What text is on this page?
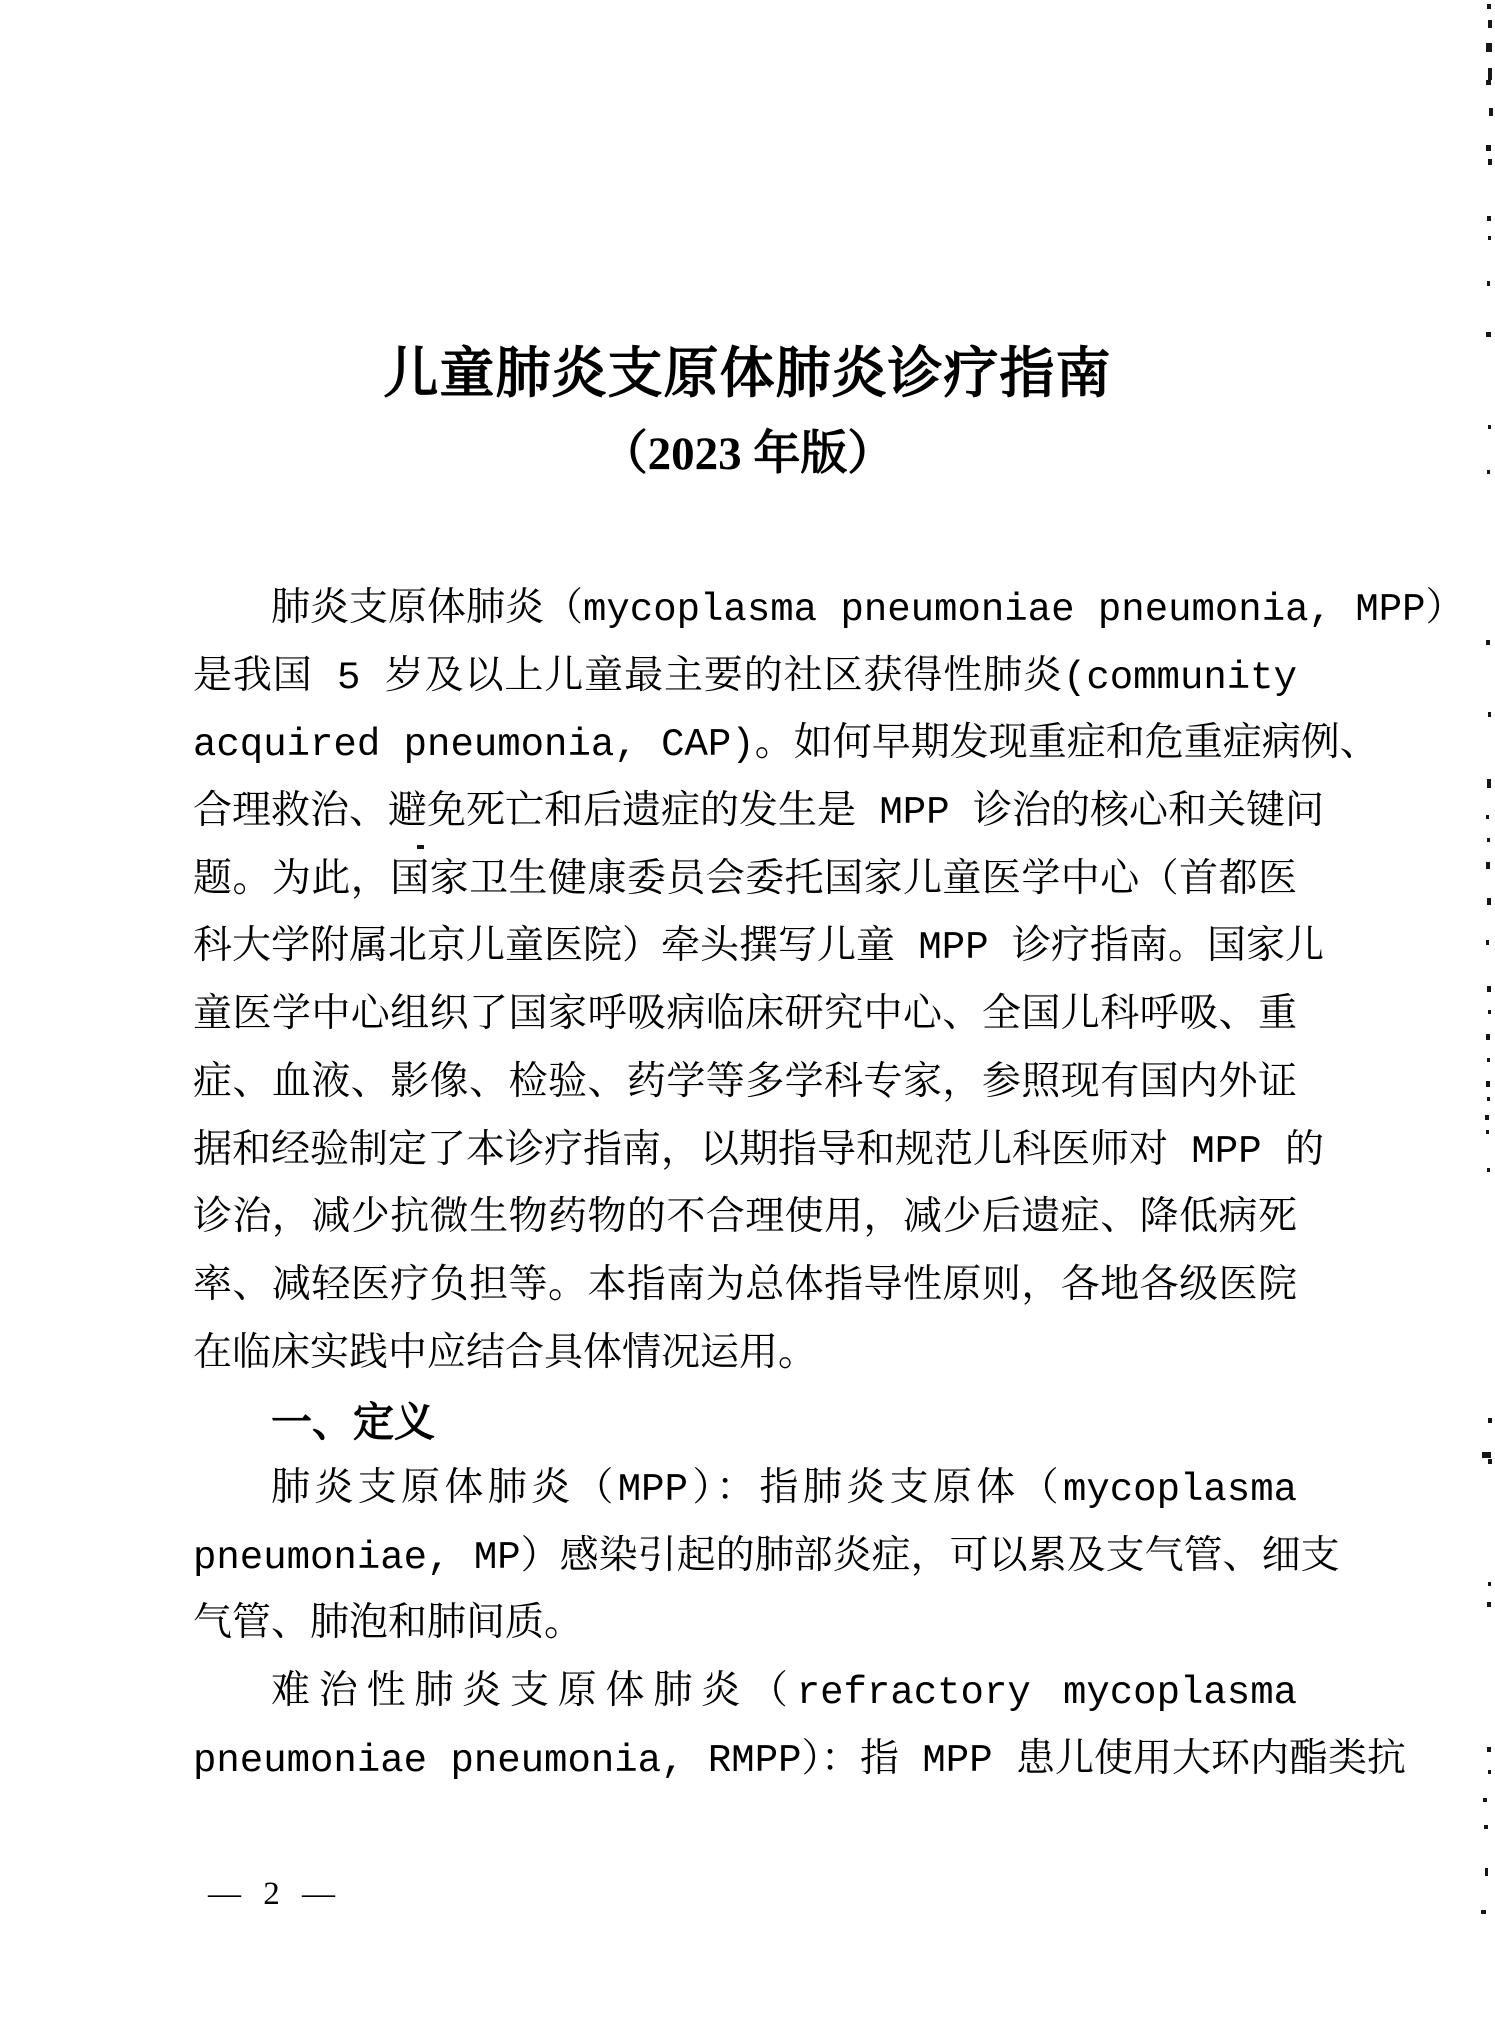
儿童肺炎支原体肺炎诊疗指南
（2023 年版）

肺炎支原体肺炎（mycoplasma pneumoniae pneumonia, MPP）

是我国 5 岁及以上儿童最主要的社区获得性肺炎(community

acquired pneumonia, CAP)。如何早期发现重症和危重症病例、

合理救治、避免死亡和后遗症的发生是 MPP 诊治的核心和关键问

题。为此，国家卫生健康委员会委托国家儿童医学中心（首都医

科大学附属北京儿童医院）牵头撰写儿童 MPP 诊疗指南。国家儿

童医学中心组织了国家呼吸病临床研究中心、全国儿科呼吸、重

症、血液、影像、检验、药学等多学科专家，参照现有国内外证

据和经验制定了本诊疗指南，以期指导和规范儿科医师对 MPP 的

诊治，减少抗微生物药物的不合理使用，减少后遗症、降低病死

率、减轻医疗负担等。本指南为总体指导性原则，各地各级医院

在临床实践中应结合具体情况运用。

一、定义

肺炎支原体肺炎（MPP）：指肺炎支原体（mycoplasma

pneumoniae, MP）感染引起的肺部炎症，可以累及支气管、细支

气管、肺泡和肺间质。

难治性肺炎支原体肺炎（refractory mycoplasma

pneumoniae pneumonia, RMPP）：指 MPP 患儿使用大环内酯类抗

— 2 —
